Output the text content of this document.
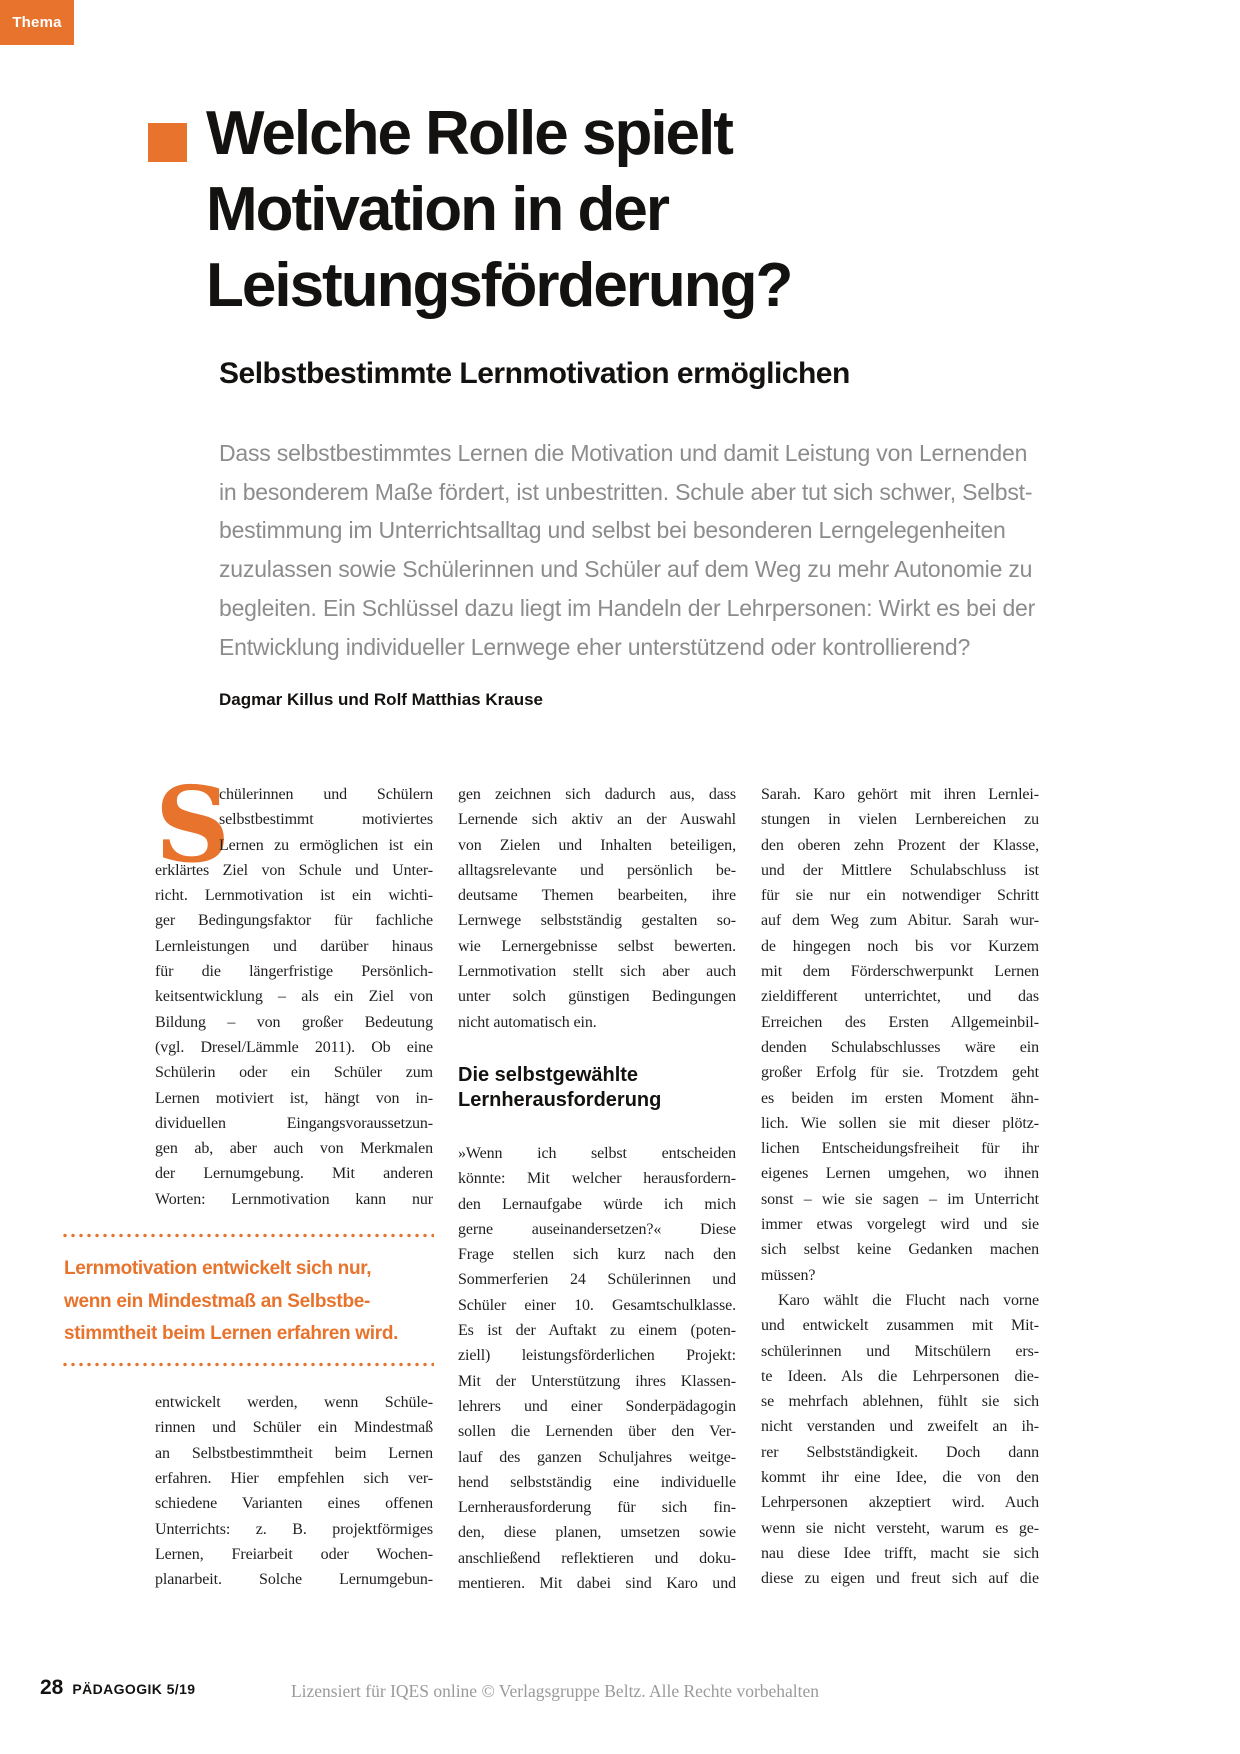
Thema
Welche Rolle spielt
Motivation in der
Leistungsförderung?
Selbstbestimmte Lernmotivation ermöglichen
Dass selbstbestimmtes Lernen die Motivation und damit Leistung von Lernenden
in besonderem Maße fördert, ist unbestritten. Schule aber tut sich schwer, Selbst-
bestimmung im Unterrichtsalltag und selbst bei besonderen Lerngelegenheiten
zuzulassen sowie Schülerinnen und Schüler auf dem Weg zu mehr Autonomie zu
begleiten. Ein Schlüssel dazu liegt im Handeln der Lehrpersonen: Wirkt es bei der
Entwicklung individueller Lernwege eher unterstützend oder kontrollierend?
Dagmar Killus und Rolf Matthias Krause
S
chülerinnen und Schülern
selbstbestimmt motiviertes
Lernen zu ermöglichen ist ein
erklärtes Ziel von Schule und Unter-
richt. Lernmotivation ist ein wichti-
ger Bedingungsfaktor für fachliche
Lernleistungen und darüber hinaus
für die längerfristige Persönlich-
keitsentwicklung – als ein Ziel von
Bildung – von großer Bedeutung
(vgl. Dresel/Lämmle 2011). Ob eine
Schülerin oder ein Schüler zum
Lernen motiviert ist, hängt von in-
dividuellen Eingangsvoraussetzun-
gen ab, aber auch von Merkmalen
der Lernumgebung. Mit anderen
Worten: Lernmotivation kann nur
entwickelt werden, wenn Schüle-
rinnen und Schüler ein Mindestmaß
an Selbstbestimmtheit beim Lernen
erfahren. Hier empfehlen sich ver-
schiedene Varianten eines offenen
Unterrichts: z. B. projektförmiges
Lernen, Freiarbeit oder Wochen-
planarbeit. Solche Lernumgebun-
gen zeichnen sich dadurch aus, dass
Lernende sich aktiv an der Auswahl
von Zielen und Inhalten beteiligen,
alltagsrelevante und persönlich be-
deutsame Themen bearbeiten, ihre
Lernwege selbstständig gestalten so-
wie Lernergebnisse selbst bewerten.
Lernmotivation stellt sich aber auch
unter solch günstigen Bedingungen
nicht automatisch ein.
Die selbstgewählte
Lernherausforderung
»Wenn ich selbst entscheiden
könnte: Mit welcher herausfordern-
den Lernaufgabe würde ich mich
gerne auseinandersetzen?« Diese
Frage stellen sich kurz nach den
Sommerferien 24 Schülerinnen und
Schüler einer 10. Gesamtschulklasse.
Es ist der Auftakt zu einem (poten-
ziell) leistungsförderlichen Projekt:
Mit der Unterstützung ihres Klassen-
lehrers und einer Sonderpädagogin
sollen die Lernenden über den Ver-
lauf des ganzen Schuljahres weitge-
hend selbstständig eine individuelle
Lernherausforderung für sich fin-
den, diese planen, umsetzen sowie
anschließend reflektieren und doku-
mentieren. Mit dabei sind Karo und
Sarah. Karo gehört mit ihren Lernlei-
stungen in vielen Lernbereichen zu
den oberen zehn Prozent der Klasse,
und der Mittlere Schulabschluss ist
für sie nur ein notwendiger Schritt
auf dem Weg zum Abitur. Sarah wur-
de hingegen noch bis vor Kurzem
mit dem Förderschwerpunkt Lernen
zieldifferent unterrichtet, und das
Erreichen des Ersten Allgemeinbil-
denden Schulabschlusses wäre ein
großer Erfolg für sie. Trotzdem geht
es beiden im ersten Moment ähn-
lich. Wie sollen sie mit dieser plötz-
lichen Entscheidungsfreiheit für ihr
eigenes Lernen umgehen, wo ihnen
sonst – wie sie sagen – im Unterricht
immer etwas vorgelegt wird und sie
sich selbst keine Gedanken machen
müssen?
Karo wählt die Flucht nach vorne
und entwickelt zusammen mit Mit-
schülerinnen und Mitschülern ers-
te Ideen. Als die Lehrpersonen die-
se mehrfach ablehnen, fühlt sie sich
nicht verstanden und zweifelt an ih-
rer Selbstständigkeit. Doch dann
kommt ihr eine Idee, die von den
Lehrpersonen akzeptiert wird. Auch
wenn sie nicht versteht, warum es ge-
nau diese Idee trifft, macht sie sich
diese zu eigen und freut sich auf die
Lernmotivation entwickelt sich nur,
wenn ein Mindestmaß an Selbstbe-
stimmtheit beim Lernen erfahren wird.
28 PÄDAGOGIK 5/19	Lizensiert für IQES online © Verlagsgruppe Beltz. Alle Rechte vorbehalten
